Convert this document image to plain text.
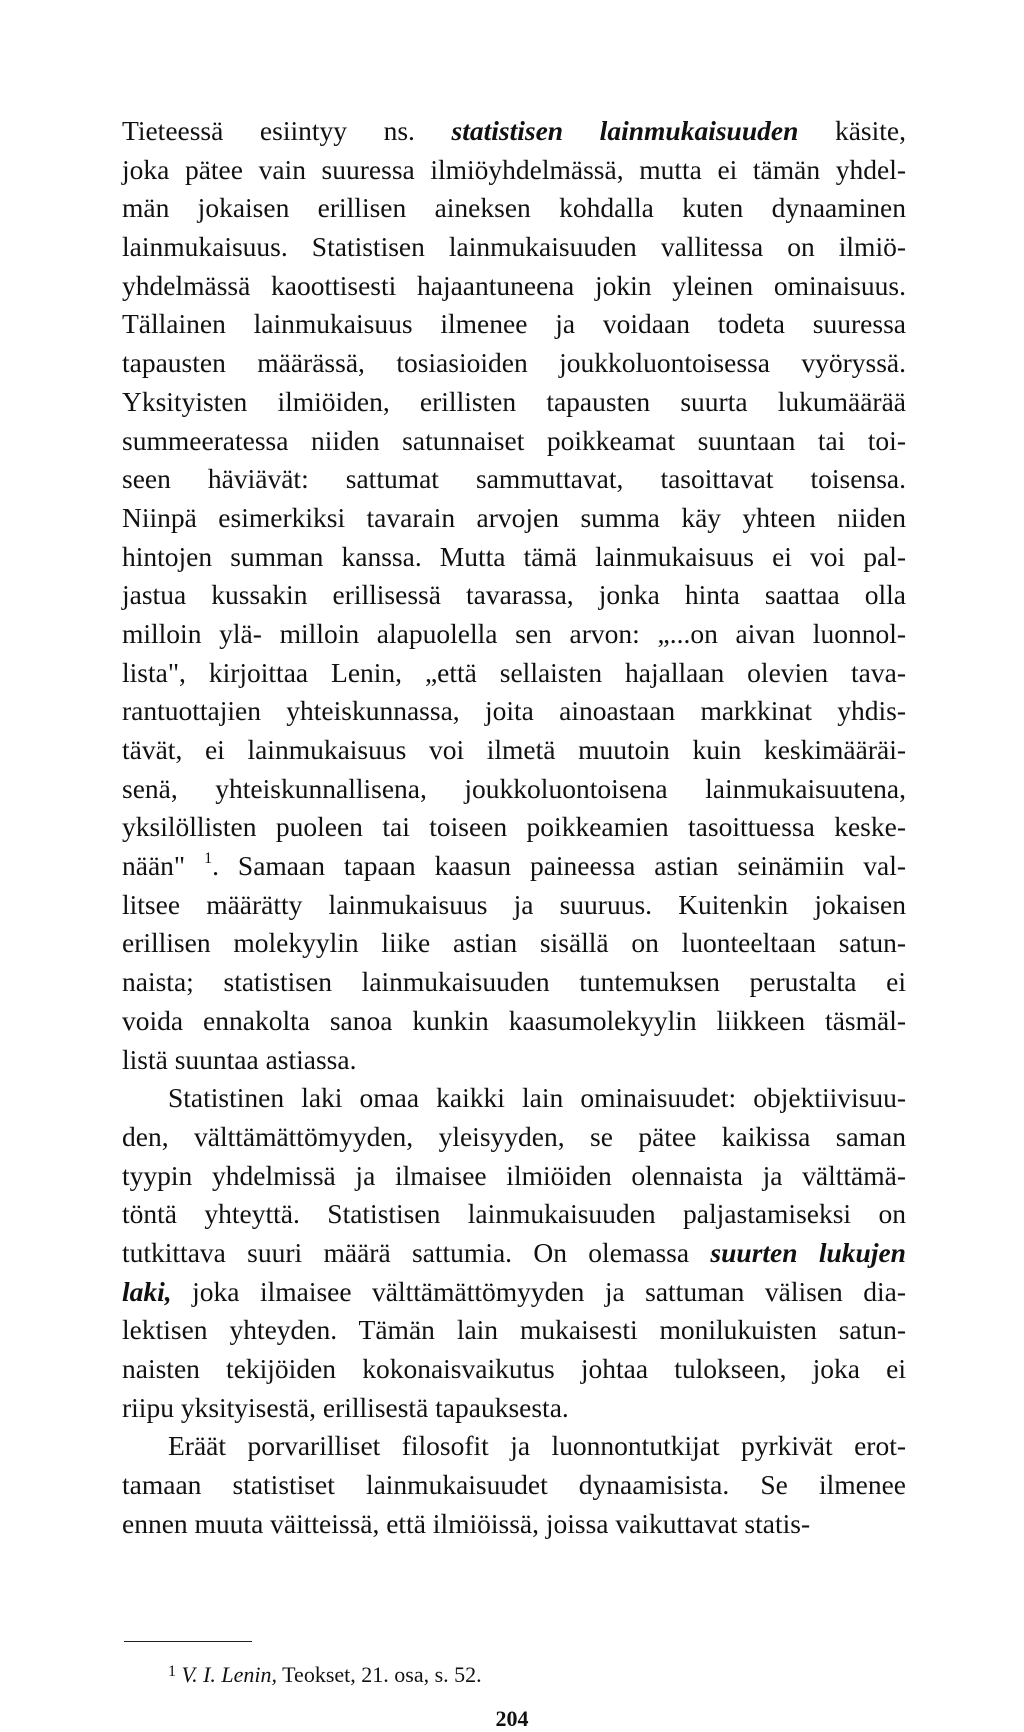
Tieteessä esiintyy ns. statistisen lainmukaisuuden käsite,
joka pätee vain suuressa ilmiöyhdelmässä, mutta ei tämän yhdel-
män jokaisen erillisen aineksen kohdalla kuten dynaaminen
lainmukaisuus. Statistisen lainmukaisuuden vallitessa on ilmiö-
yhdelmässä kaoottisesti hajaantuneena jokin yleinen ominaisuus.
Tällainen lainmukaisuus ilmenee ja voidaan todeta suuressa
tapausten määrässä, tosiasioiden joukkoluontoisessa vyöryssä.
Yksityisten ilmiöiden, erillisten tapausten suurta lukumäärää
summeeratessa niiden satunnaiset poikkeamat suuntaan tai toi-
seen häviävät: sattumat sammuttavat, tasoittavat toisensa.
Niinpä esimerkiksi tavarain arvojen summa käy yhteen niiden
hintojen summan kanssa. Mutta tämä lainmukaisuus ei voi pal-
jastua kussakin erillisessä tavarassa, jonka hinta saattaa olla
milloin ylä- milloin alapuolella sen arvon: „...on aivan luonnol-
lista", kirjoittaa Lenin, „että sellaisten hajallaan olevien tava-
rantuottajien yhteiskunnassa, joita ainoastaan markkinat yhdis-
tävät, ei lainmukaisuus voi ilmetä muutoin kuin keskimääräi-
senä, yhteiskunnallisena, joukkoluontoisena lainmukaisuutena,
yksilöllisten puoleen tai toiseen poikkeamien tasoittuessa keske-
nään" $^1$. Samaan tapaan kaasun paineessa astian seinämiin val-
litsee määrätty lainmukaisuus ja suuruus. Kuitenkin jokaisen
erillisen molekyylin liike astian sisällä on luonteeltaan satun-
naista; statistisen lainmukaisuuden tuntemuksen perustalta ei
voida ennakolta sanoa kunkin kaasumolekyylin liikkeen täsmäl-
listä suuntaa astiassa.
Statistinen laki omaa kaikki lain ominaisuudet: objektiivisuu-
den, välttämättömyyden, yleisyyden, se pätee kaikissa saman
tyypin yhdelmissä ja ilmaisee ilmiöiden olennaista ja välttämä-
töntä yhteyttä. Statistisen lainmukaisuuden paljastamiseksi on
tutkittava suuri määrä sattumia. On olemassa suurten lukujen
laki, joka ilmaisee välttämättömyyden ja sattuman välisen dia-
lektisen yhteyden. Tämän lain mukaisesti monilukuisten satun-
naisten tekijöiden kokonaisvaikutus johtaa tulokseen, joka ei
riipu yksityisestä, erillisestä tapauksesta.
Eräät porvarilliset filosofit ja luonnontutkijat pyrkivät erot-
tamaan statistiset lainmukaisuudet dynaamisista. Se ilmenee
ennen muuta väitteissä, että ilmiöissä, joissa vaikuttavat statis-
$^1$ V. I. Lenin, Teokset, 21. osa, s. 52.
204
